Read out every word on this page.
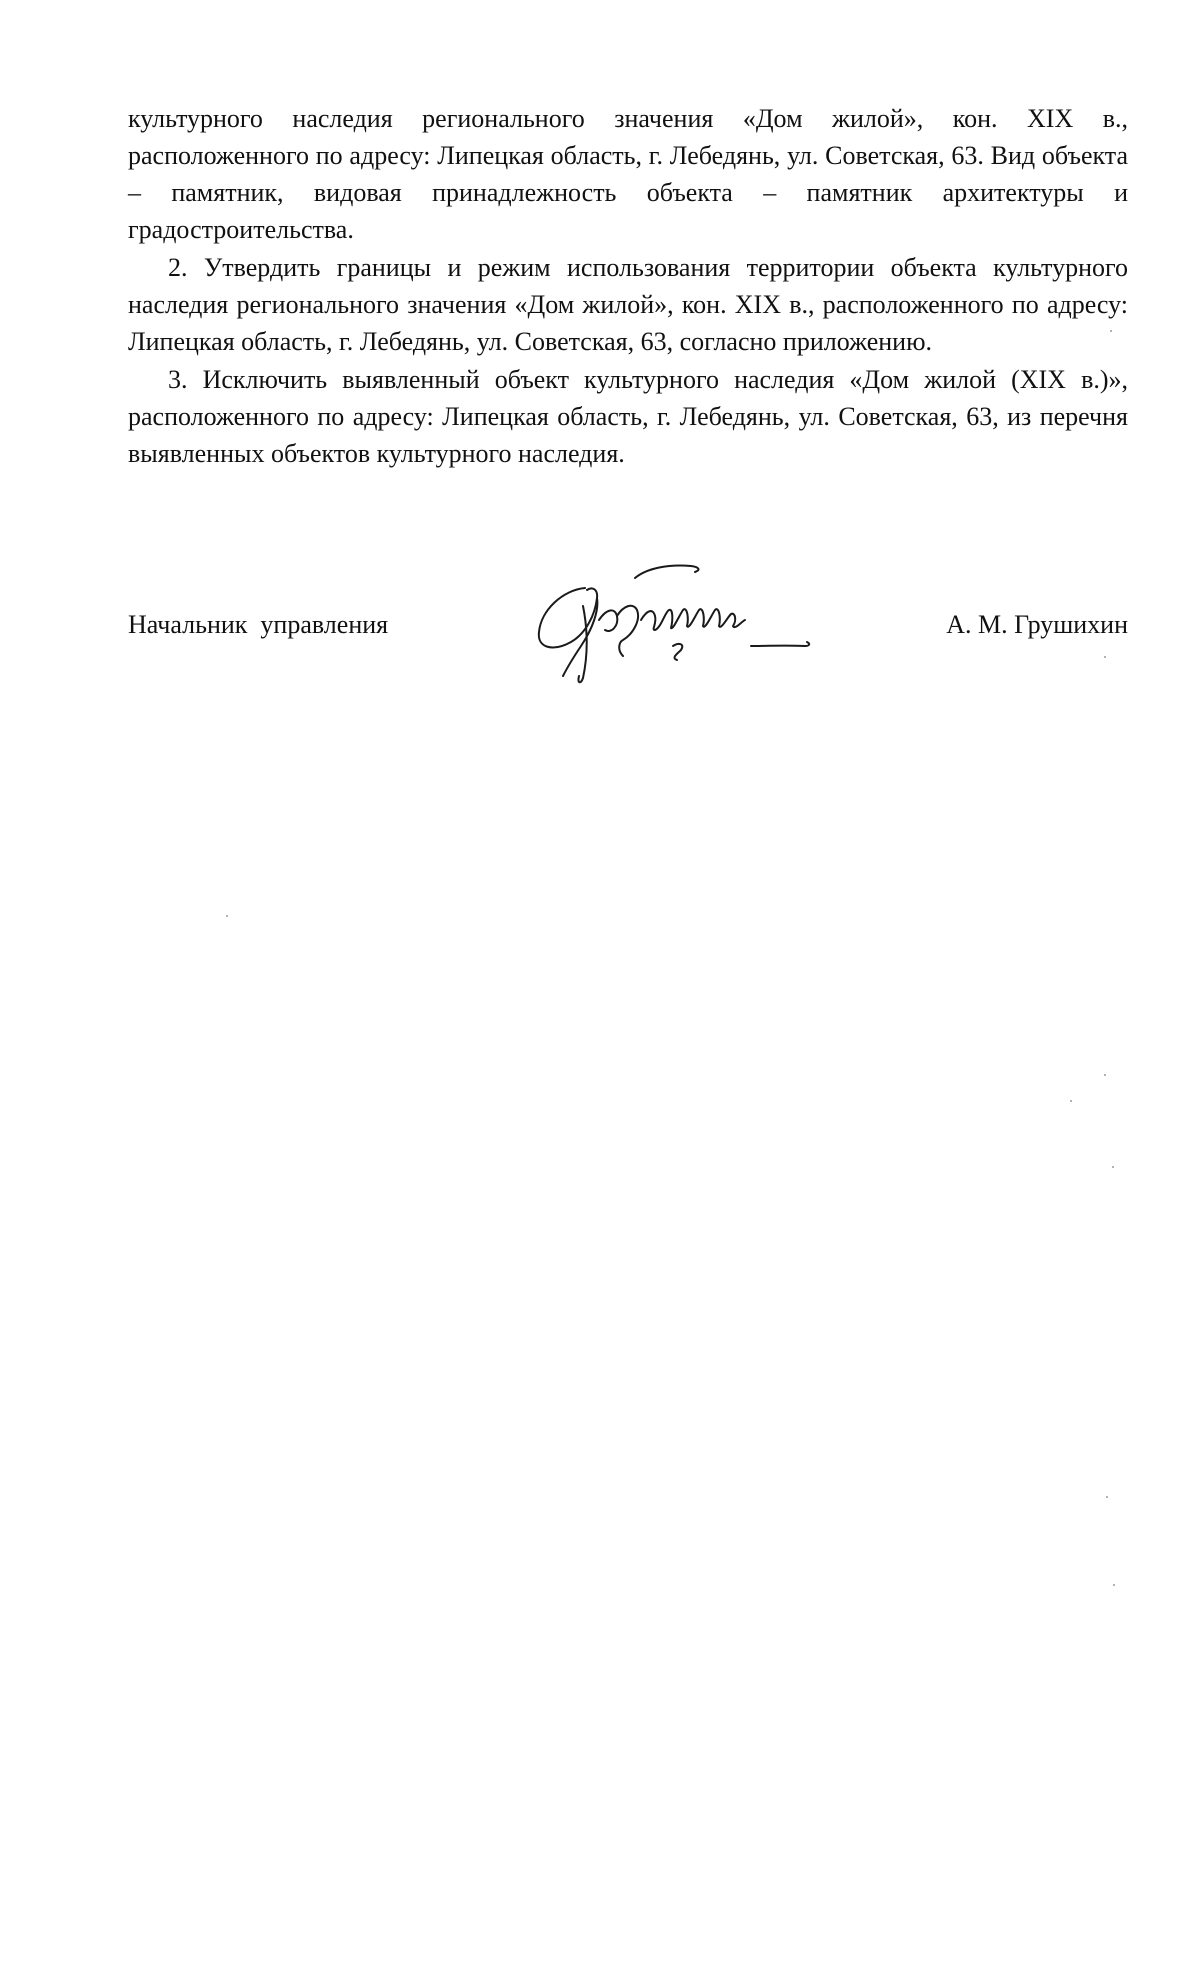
культурного наследия регионального значения «Дом жилой», кон. XIX в., расположенного по адресу: Липецкая область, г. Лебедянь, ул. Советская, 63. Вид объекта – памятник, видовая принадлежность объекта – памятник архитектуры и градостроительства.

2. Утвердить границы и режим использования территории объекта культурного наследия регионального значения «Дом жилой», кон. XIX в., расположенного по адресу: Липецкая область, г. Лебедянь, ул. Советская, 63, согласно приложению.

3. Исключить выявленный объект культурного наследия «Дом жилой (XIX в.)», расположенного по адресу: Липецкая область, г. Лебедянь, ул. Советская, 63, из перечня выявленных объектов культурного наследия.

Начальник  управления	А. М. Грушихин
